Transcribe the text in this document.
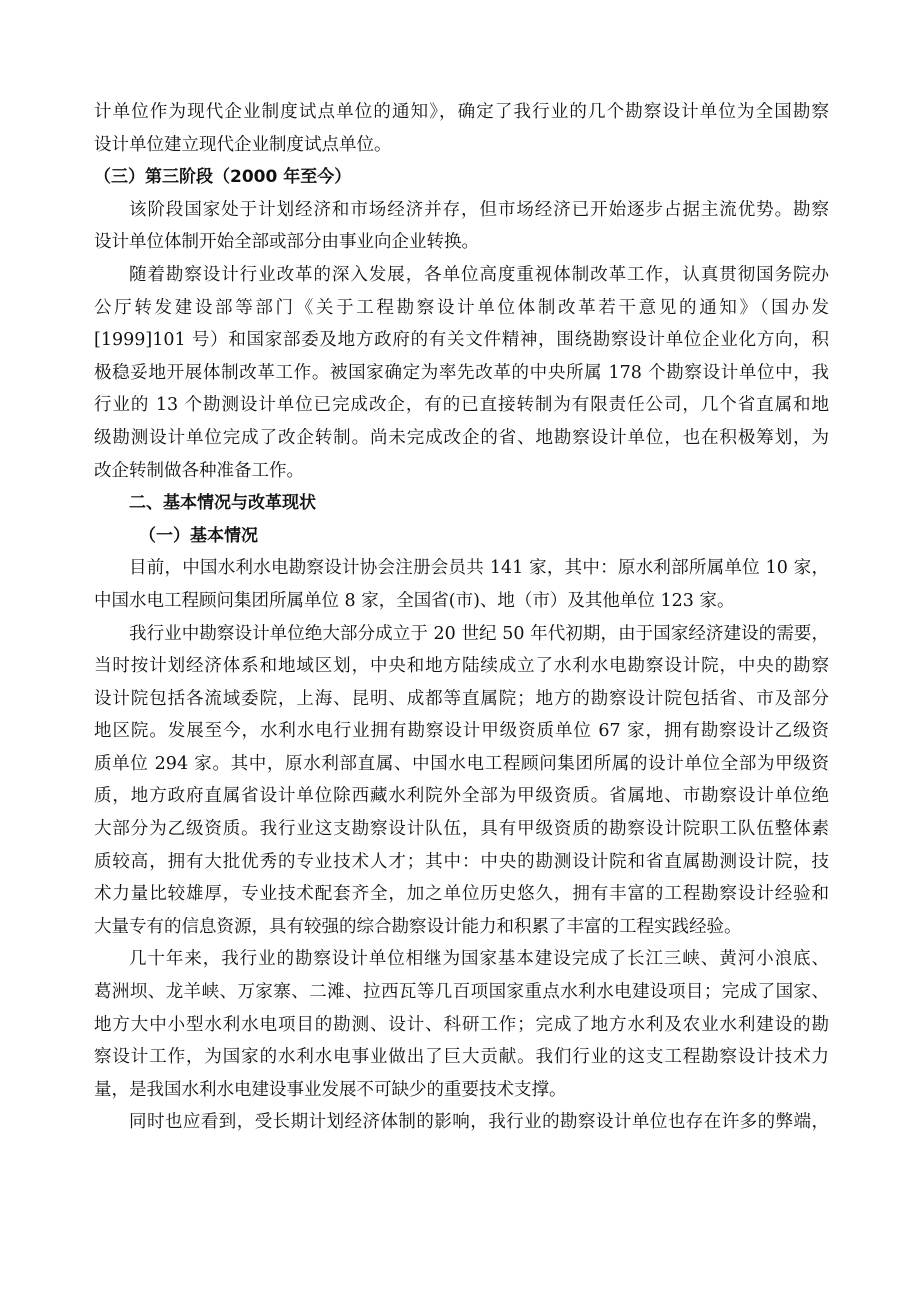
计单位作为现代企业制度试点单位的通知》，确定了我行业的几个勘察设计单位为全国勘察
设计单位建立现代企业制度试点单位。
（三）第三阶段（2000 年至今）
该阶段国家处于计划经济和市场经济并存，但市场经济已开始逐步占据主流优势。勘察
设计单位体制开始全部或部分由事业向企业转换。
随着勘察设计行业改革的深入发展，各单位高度重视体制改革工作，认真贯彻国务院办
公厅转发建设部等部门《关于工程勘察设计单位体制改革若干意见的通知》（国办发
[1999]101 号）和国家部委及地方政府的有关文件精神，围绕勘察设计单位企业化方向，积
极稳妥地开展体制改革工作。被国家确定为率先改革的中央所属 178 个勘察设计单位中，我
行业的 13 个勘测设计单位已完成改企，有的已直接转制为有限责任公司，几个省直属和地
级勘测设计单位完成了改企转制。尚未完成改企的省、地勘察设计单位，也在积极筹划，为
改企转制做各种准备工作。
二、基本情况与改革现状
（一）基本情况
目前，中国水利水电勘察设计协会注册会员共 141 家，其中：原水利部所属单位 10 家，
中国水电工程顾问集团所属单位 8 家，全国省(市)、地（市）及其他单位 123 家。
我行业中勘察设计单位绝大部分成立于 20 世纪 50 年代初期，由于国家经济建设的需要，
当时按计划经济体系和地域区划，中央和地方陆续成立了水利水电勘察设计院，中央的勘察
设计院包括各流域委院，上海、昆明、成都等直属院；地方的勘察设计院包括省、市及部分
地区院。发展至今，水利水电行业拥有勘察设计甲级资质单位 67 家，拥有勘察设计乙级资
质单位 294 家。其中，原水利部直属、中国水电工程顾问集团所属的设计单位全部为甲级资
质，地方政府直属省设计单位除西藏水利院外全部为甲级资质。省属地、市勘察设计单位绝
大部分为乙级资质。我行业这支勘察设计队伍，具有甲级资质的勘察设计院职工队伍整体素
质较高，拥有大批优秀的专业技术人才；其中：中央的勘测设计院和省直属勘测设计院，技
术力量比较雄厚，专业技术配套齐全，加之单位历史悠久，拥有丰富的工程勘察设计经验和
大量专有的信息资源，具有较强的综合勘察设计能力和积累了丰富的工程实践经验。
几十年来，我行业的勘察设计单位相继为国家基本建设完成了长江三峡、黄河小浪底、
葛洲坝、龙羊峡、万家寨、二滩、拉西瓦等几百项国家重点水利水电建设项目；完成了国家、
地方大中小型水利水电项目的勘测、设计、科研工作；完成了地方水利及农业水利建设的勘
察设计工作，为国家的水利水电事业做出了巨大贡献。我们行业的这支工程勘察设计技术力
量，是我国水利水电建设事业发展不可缺少的重要技术支撑。
同时也应看到，受长期计划经济体制的影响，我行业的勘察设计单位也存在许多的弊端，
